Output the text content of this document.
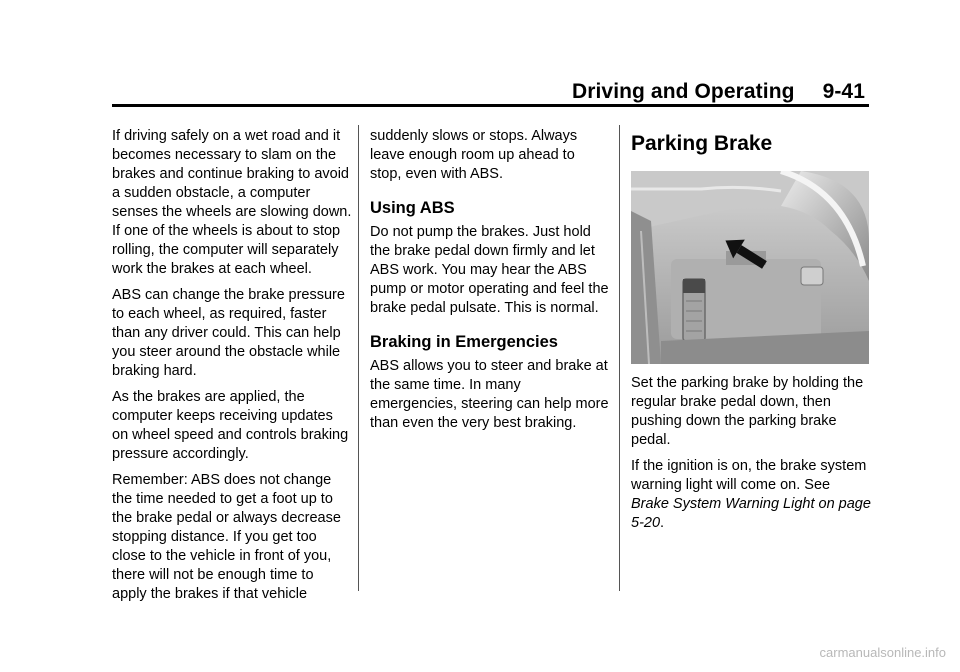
Driving and Operating 9-41

If driving safely on a wet road and it becomes necessary to slam on the brakes and continue braking to avoid a sudden obstacle, a computer senses the wheels are slowing down. If one of the wheels is about to stop rolling, the computer will separately work the brakes at each wheel.

ABS can change the brake pressure to each wheel, as required, faster than any driver could. This can help you steer around the obstacle while braking hard.

As the brakes are applied, the computer keeps receiving updates on wheel speed and controls braking pressure accordingly.

Remember: ABS does not change the time needed to get a foot up to the brake pedal or always decrease stopping distance. If you get too close to the vehicle in front of you, there will not be enough time to apply the brakes if that vehicle

suddenly slows or stops. Always leave enough room up ahead to stop, even with ABS.

Using ABS

Do not pump the brakes. Just hold the brake pedal down firmly and let ABS work. You may hear the ABS pump or motor operating and feel the brake pedal pulsate. This is normal.

Braking in Emergencies

ABS allows you to steer and brake at the same time. In many emergencies, steering can help more than even the very best braking.

Parking Brake

Set the parking brake by holding the regular brake pedal down, then pushing down the parking brake pedal.

If the ignition is on, the brake system warning light will come on. See Brake System Warning Light on page 5-20.

carmanualsonline.info
